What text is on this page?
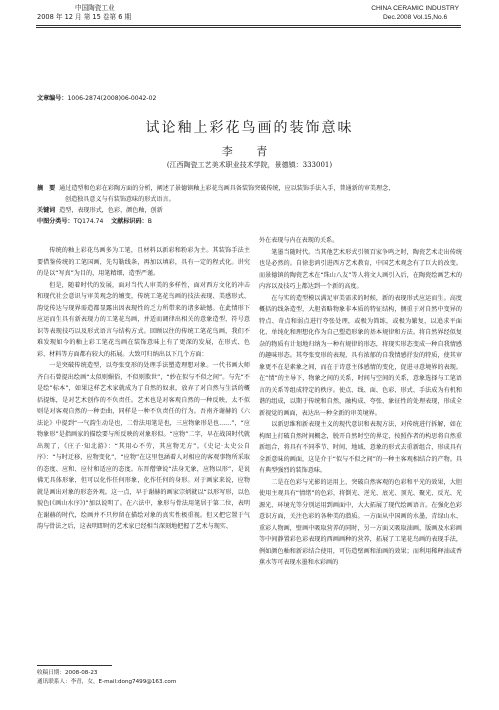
中国陶瓷工业
2008 年 12 月 第 15 卷第 6 期
CHINA CERAMIC INDUSTRY
Dec.2008 Vol.15,No.6
文章编号：1006-2874(2008)06-0042-02
试论釉上彩花鸟画的装饰意味
李 青
(江西陶瓷工艺美术职业技术学院，景德镇：333001)

摘　要 通过造型和色彩在彩陶方面的分析，阐述了景德镇釉上彩花鸟画具备装饰突破传统，应以装饰手法入手，普通新的审美理念，

创造独具意义与有装饰意味的形式语言。

关键词 造型，表现形式，色彩，颜色釉，创新

中图分类号：TQ174.74 文献标识码：B

传统的釉上彩花鸟画多为工笔，且材料以新彩和粉彩为主。其装饰手法主要借鉴传统的工笔国画，先勾勒线条，再加以填彩，具有一定的程式化。讲究的是以“写真”为目的，用笔精细，造型严谨。

但是，随着时代的发展，面对当代人审美的多样性，面对西方文化的冲击和现代社会意识与审美观念的嬗变，传统工笔花鸟画的技法表现、美感形式、韵觉传达与现界需造都显露出因表现性的乏力所带来的诸多缺憾。在此情形下应运而生具有新表现力的工笔花鸟画，并适而调律出相关的意象造型、符号意识等表现技巧以及形式语言与结构方式。回顾以往的传统工笔花鸟画，我们不难发现如今的釉上彩工笔花鸟画在装饰意味上有了更深的发展，在形式、色彩、材料等方面都有较大的拓展。大致可归纳出以下几个方面：

一是突破传统造型，以夸张变形的处理手法塑造理想对象。一代书画大师齐白石曾提出绘画“太似则媚俗，不似则欺世”，“妙在似与不似之间”。与先“不是绘”标本”，如果这样艺术家就成为了自然的奴隶，放弃了对自然与生活的概括提炼，是对艺术创作的不负责任。艺术也是对客观自然的一种反映，太不似则是对客观自然的一种歪曲，同样是一种不负责任的行为。吾南齐谢赫的《六法论》中提到“一气韵生动是也，二骨法用笔是也，三应物象形是也……”，“应物象形”是指画家的描绘要与所反映的对象形似。“应物”二字，早在战国时代就出现了，《庄子·知北游》：“其用心不劳，其应物无方”。《史记·太史公自序》：“与时迁移，应物变化”，“应物”在这里包涵着人对相应的客观事物所采取的态度、应和、应付和适应的态度。东晋僧肇说“法身无象，应物以形”，是说佛无具体形象，但可以化作任何形象，化作任何的身形。对于画家来说，应物就是画出对象的形态外观。这一点，早于谢赫的画家宗炳就以“以形写形，以色貌色(《画山水序》)”加以说明了。在六法中，象形与骨法用笔居于第二位，表明在谢赫的时代，绘画并不只停留在描绘对象的真实性极重视。但又把它置于气韵与骨法之后，这表明即时的艺术家已经相当深刻地把握了艺术与现实、

外在表现与内在表现的关系。

笔墨当随时代。当其他艺术形式引领百家争鸣之时，陶瓷艺术走出传统也是必然的。自徐悲鸿引进西方艺术教育，中国艺术观念有了巨大的改变。而景德镇的陶瓷艺术在“珠山八友”等人将文人画引入后，在陶瓷绘画艺术的内容以及技巧上都达到一个新的高度。

在与实的造型模以满足审美需求的时候，新的表现形式应运而生。高度概括的线条造型，大胆省略物象非本质的特征结构，侧重于对自然中变异的特点、奇点和弱点进行夸张处理，或极为简练，或极为繁复，以追求平面化、单纯化和理想化作为自己塑造形象的基本规律和方法。将自然界经似复杂的物质有计划地归纳为一种有规律的形态，将现实形态变成一种自我情感的趣味形态。其夸张变形的表现，具有浓郁的自我情感抒发的特质，使其审象更不在是素象之间，而在于诗意主体感情的变化，促进寻意境界的表现。在“情”的主导下，物象之间的关系，时间与空间的关系，意象选择与工笔语言的关系等组成特定的秩序。使点、线、面、色彩、形式、手法成为有机和谐的组成，以期于传统和自然，融构成、夸张、象征性的处理表现，形成全新视觉的画面，表达出一种全新的审美境界。

以新思维和新表现主义的现代意识和表现方法，对传统进行拆解，如在构图上打破自然时间概念，脱开自然时空的界定，按照作者的构思将自然重新组合，将具有不同季节、时间、地域、意象的形式去重新组合，形成具有全新意味的画面，这是介于“似与不似之间”的一种主客观相结合的产物。具有典型强烈的装饰意味。

二是在色彩与光影的运用上，突破自然客观的色彩和平光的效果，大胆使用主观具有“情绪”的色彩，将倒光、逆光、底光、顶光、聚光、反光、光源光、环境光等分别运用到画面中，大大拓展了现代绘画语言。在强化色彩意识方面，关注色彩的各种美的潜质。一方面从中国画的水墨，青绿山水、重彩人物画，壁画中吸取营养的同时，另一方面又吸取油画、版画及水彩画等中间静置彩色彩表现的西画画种的营养，拓展了工笔花鸟画的表现手法，例如颜色釉和新彩结合使用，可仿造壁画和油画的效果；而利用稀释油或香蕉水等可表现水墨和水彩画的

收稿日期：2008-08-23
通讯联系人：李青，女，E-mail:dong7499@163.com
